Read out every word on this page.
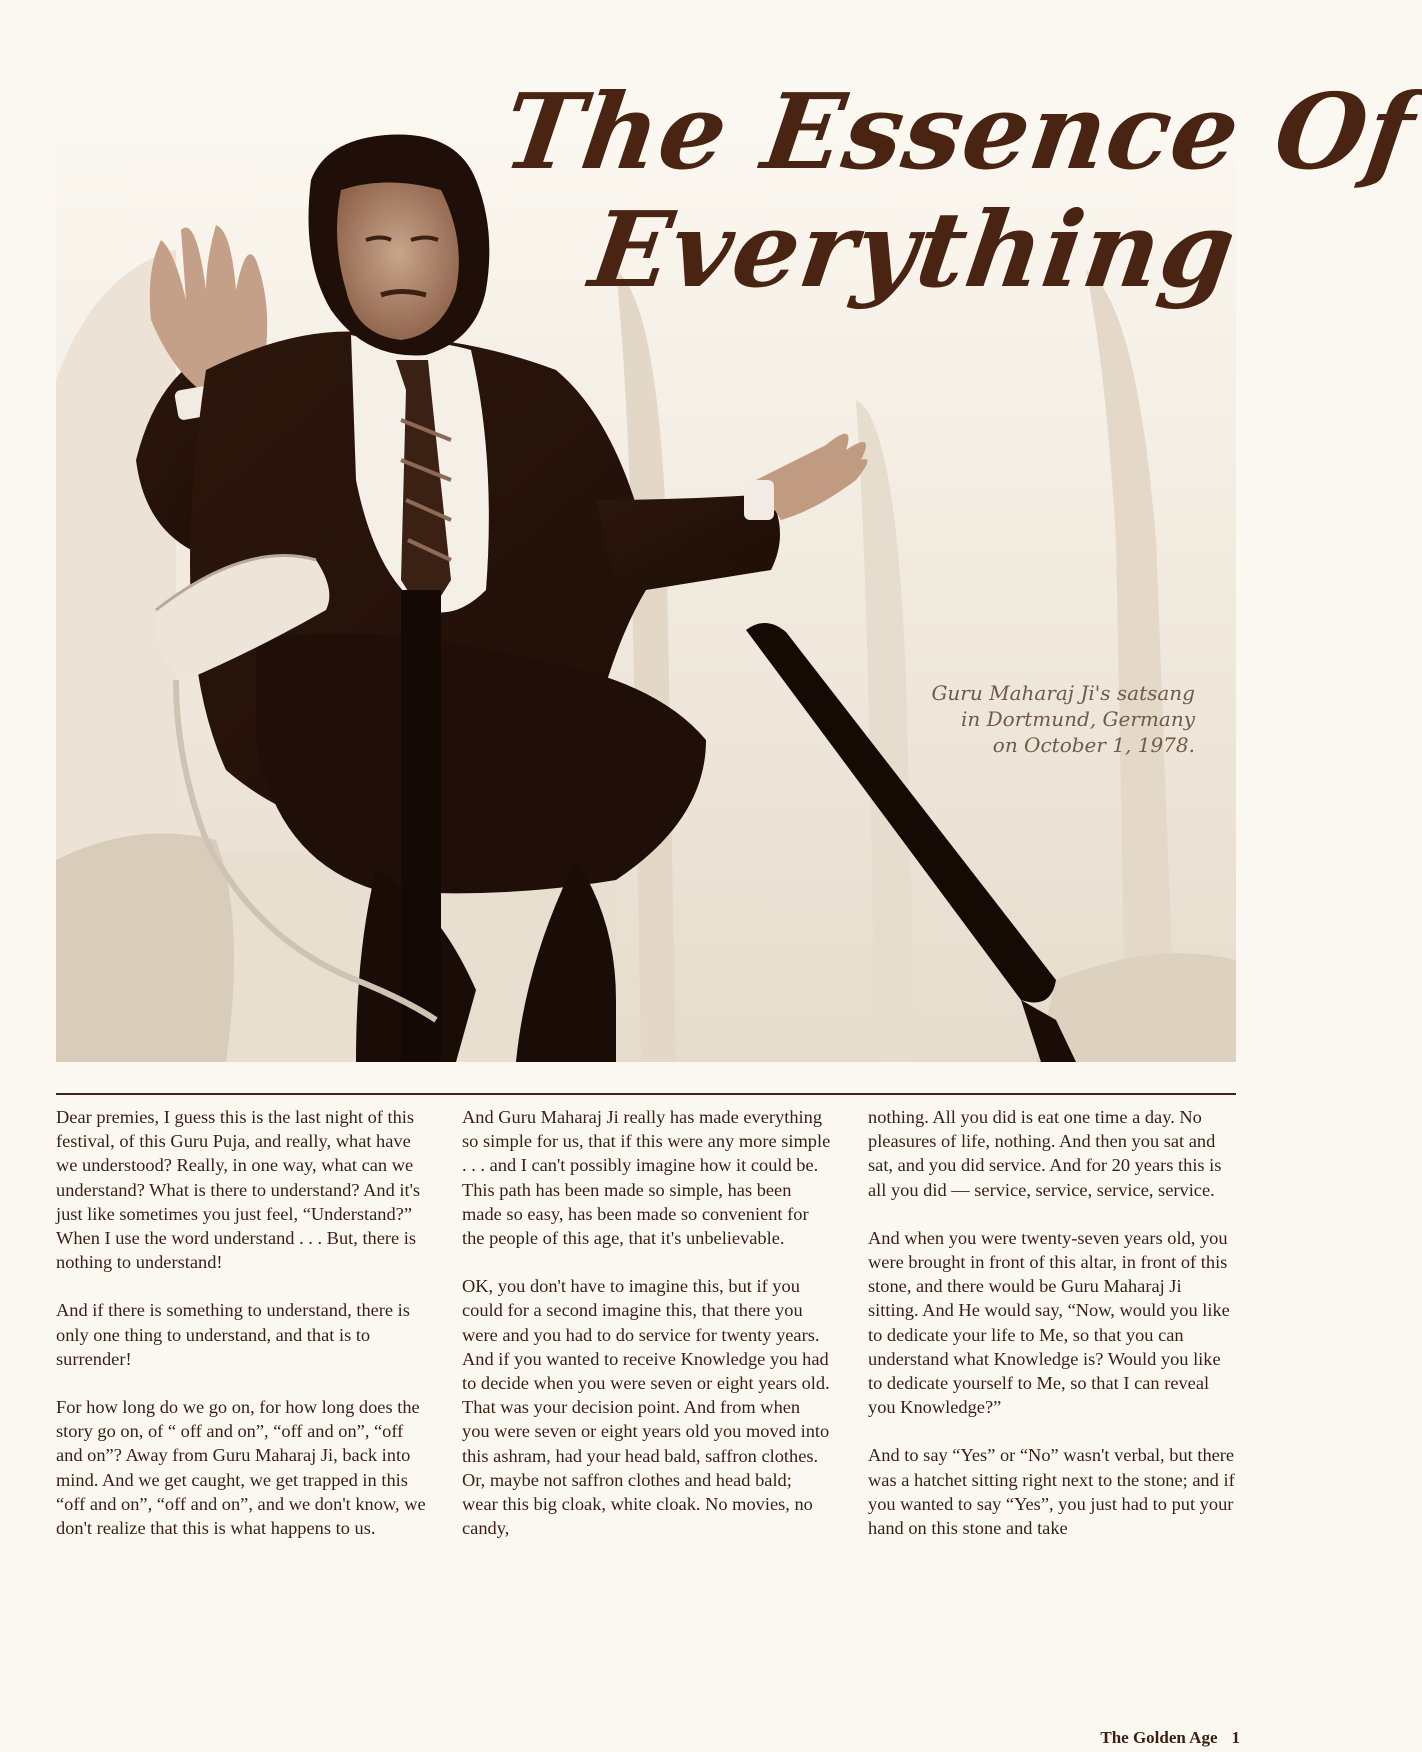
The Essence Of
Everything
Guru Maharaj Ji's satsang
in Dortmund, Germany
on October 1, 1978.

Dear premies, I guess this is the last night of this festival, of this Guru Puja, and really, what have we understood? Really, in one way, what can we understand? What is there to understand? And it's just like sometimes you just feel, “Understand?” When I use the word understand . . . But, there is nothing to understand!

And if there is something to understand, there is only one thing to understand, and that is to surrender!

For how long do we go on, for how long does the story go on, of “ off and on”, “off and on”, “off and on”? Away from Guru Maharaj Ji, back into mind. And we get caught, we get trapped in this “off and on”, “off and on”, and we don't know, we don't realize that this is what happens to us.

And Guru Maharaj Ji really has made everything so simple for us, that if this were any more simple . . . and I can't possibly imagine how it could be. This path has been made so simple, has been made so easy, has been made so convenient for the people of this age, that it's unbelievable.

OK, you don't have to imagine this, but if you could for a second imagine this, that there you were and you had to do service for twenty years. And if you wanted to receive Knowledge you had to decide when you were seven or eight years old. That was your decision point. And from when you were seven or eight years old you moved into this ashram, had your head bald, saffron clothes. Or, maybe not saffron clothes and head bald; wear this big cloak, white cloak. No movies, no candy,

nothing. All you did is eat one time a day. No pleasures of life, nothing. And then you sat and sat, and you did service. And for 20 years this is all you did — service, service, service, service.

And when you were twenty-seven years old, you were brought in front of this altar, in front of this stone, and there would be Guru Maharaj Ji sitting. And He would say, “Now, would you like to dedicate your life to Me, so that you can understand what Knowledge is? Would you like to dedicate yourself to Me, so that I can reveal you Knowledge?”

And to say “Yes” or “No” wasn't verbal, but there was a hatchet sitting right next to the stone; and if you wanted to say “Yes”, you just had to put your hand on this stone and take

The Golden Age 1
